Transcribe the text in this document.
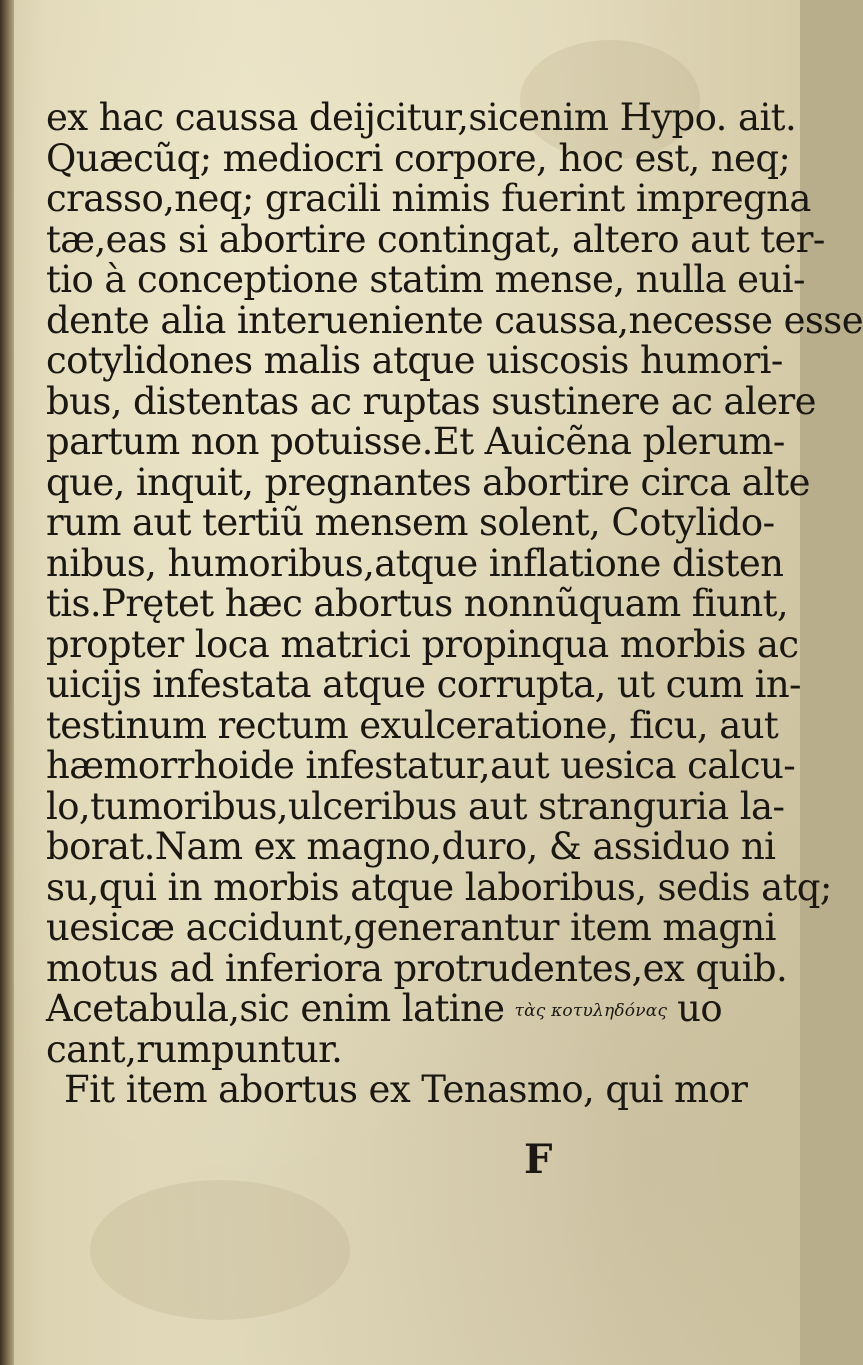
ex hac caussa deijcitur,sicenim Hypo. ait.
Quæcũq; mediocri corpore, hoc est, neq;
crasso,neq; gracili nimis fuerint impregna
tæ,eas si abortire contingat, altero aut ter-
tio à conceptione statim mense, nulla eui-
dente alia interueniente caussa,necesse esse
cotylidones malis atque uiscosis humori-
bus, distentas ac ruptas sustinere ac alere
partum non potuisse.Et Auicẽna plerum-
que, inquit, pregnantes abortire circa alte
rum aut tertiũ mensem solent, Cotylido-
nibus, humoribus,atque inflatione disten
tis.Prętet hæc abortus nonnũquam fiunt,
propter loca matrici propinqua morbis ac
uicijs infestata atque corrupta, ut cum in-
testinum rectum exulceratione, ficu, aut
hæmorrhoide infestatur,aut uesica calcu-
lo,tumoribus,ulceribus aut stranguria la-
borat.Nam ex magno,duro, & assiduo ni
su,qui in morbis atque laboribus, sedis atq;
uesicæ accidunt,generantur item magni
motus ad inferiora protrudentes,ex quib.
Acetabula,sic enim latine τὰς κοτυληδόνας uo
cant,rumpuntur.
Fit item abortus ex Tenasmo, qui mor
F
